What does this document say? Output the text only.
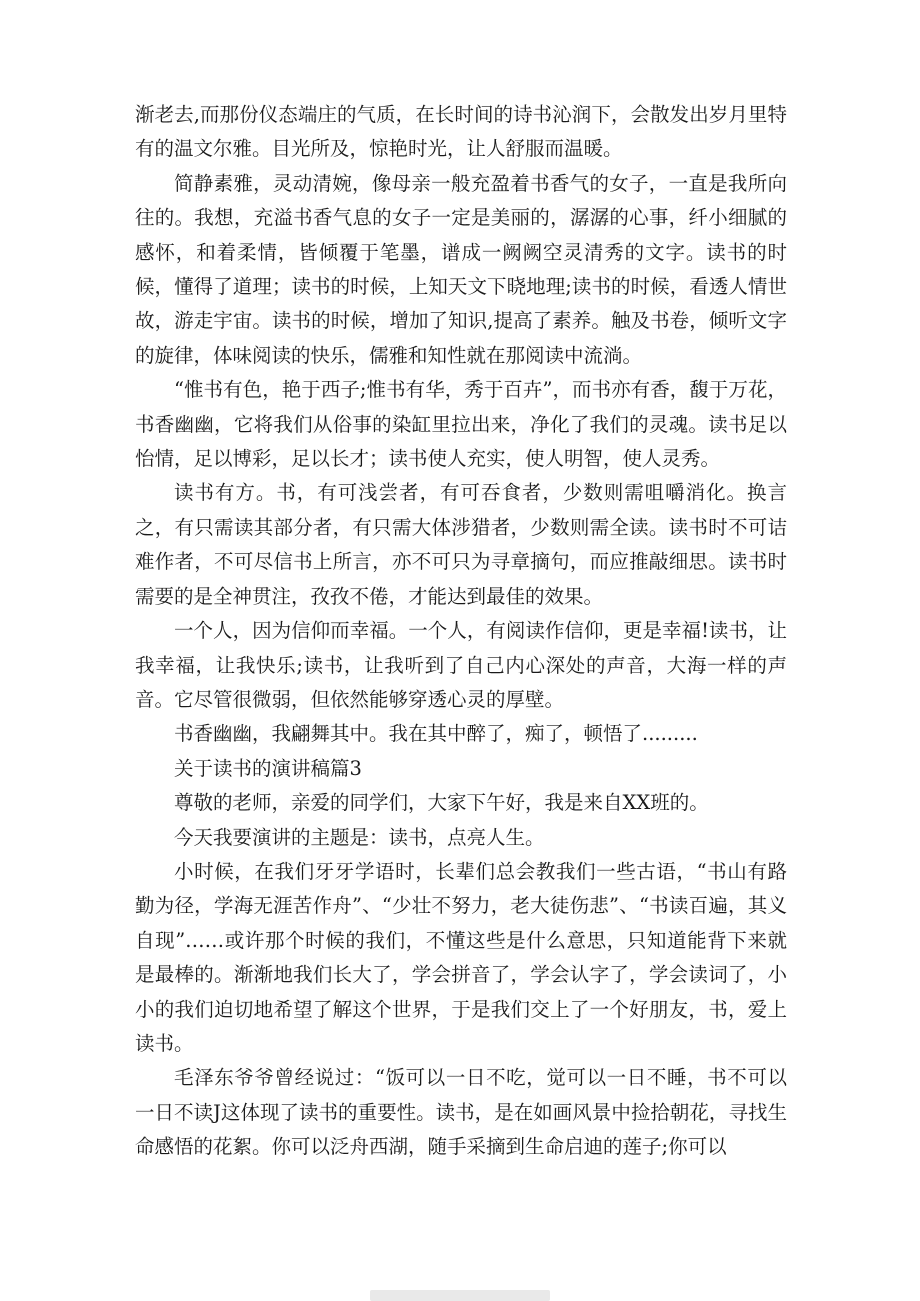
渐老去,而那份仪态端庄的气质，在长时间的诗书沁润下，会散发出岁月里特有的温文尔雅。目光所及，惊艳时光，让人舒服而温暖。

简静素雅，灵动清婉，像母亲一般充盈着书香气的女子，一直是我所向往的。我想，充溢书香气息的女子一定是美丽的，潺潺的心事，纤小细腻的感怀，和着柔情，皆倾覆于笔墨，谱成一阙阙空灵清秀的文字。读书的时候，懂得了道理；读书的时候，上知天文下晓地理;读书的时候，看透人情世故，游走宇宙。读书的时候，增加了知识,提高了素养。触及书卷，倾听文字的旋律，体味阅读的快乐，儒雅和知性就在那阅读中流淌。

“惟书有色，艳于西子;惟书有华，秀于百卉”，而书亦有香，馥于万花，书香幽幽，它将我们从俗事的染缸里拉出来，净化了我们的灵魂。读书足以怡情，足以博彩，足以长才；读书使人充实，使人明智，使人灵秀。

读书有方。书，有可浅尝者，有可吞食者，少数则需咀嚼消化。换言之，有只需读其部分者，有只需大体涉猎者，少数则需全读。读书时不可诘难作者，不可尽信书上所言，亦不可只为寻章摘句，而应推敲细思。读书时需要的是全神贯注，孜孜不倦，才能达到最佳的效果。

一个人，因为信仰而幸福。一个人，有阅读作信仰，更是幸福!读书，让我幸福，让我快乐;读书，让我听到了自己内心深处的声音，大海一样的声音。它尽管很微弱，但依然能够穿透心灵的厚壁。

书香幽幽，我翩舞其中。我在其中醉了，痴了，顿悟了.........

关于读书的演讲稿篇3

尊敬的老师，亲爱的同学们，大家下午好，我是来自XX班的。

今天我要演讲的主题是：读书，点亮人生。

小时候，在我们牙牙学语时，长辈们总会教我们一些古语，“书山有路勤为径，学海无涯苦作舟”、“少壮不努力，老大徒伤悲”、“书读百遍，其义自现”……或许那个时候的我们，不懂这些是什么意思，只知道能背下来就是最棒的。渐渐地我们长大了，学会拼音了，学会认字了，学会读词了，小小的我们迫切地希望了解这个世界，于是我们交上了一个好朋友，书，爱上读书。

毛泽东爷爷曾经说过：“饭可以一日不吃，觉可以一日不睡，书不可以一日不读J这体现了读书的重要性。读书，是在如画风景中捡拾朝花，寻找生命感悟的花絮。你可以泛舟西湖，随手采摘到生命启迪的莲子;你可以
